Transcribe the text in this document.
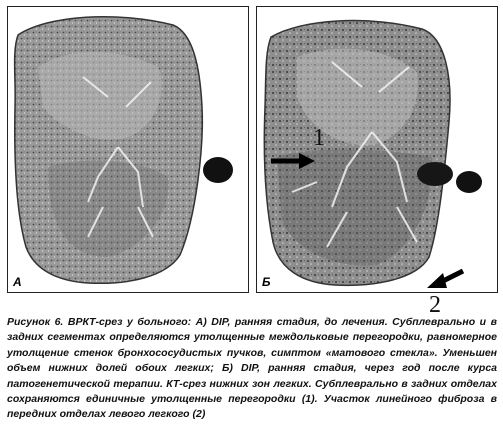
А
1
2
Б
Рисунок 6. ВРКТ-срез у больного: А) DIP, ранняя стадия, до лечения. Субплеврально и в задних сегментах определяются утолщенные междольковые перегородки, равномерное утолщение стенок бронхососудистых пучков, симптом «матового стекла». Уменьшен объем нижних долей обоих легких; Б) DIP, ранняя стадия, через год после курса патогенетической терапии. КТ-срез нижних зон легких. Субплеврально в задних отделах сохраняются единичные утолщенные перегородки (1). Участок линейного фиброза в передних отделах левого легкого (2)
